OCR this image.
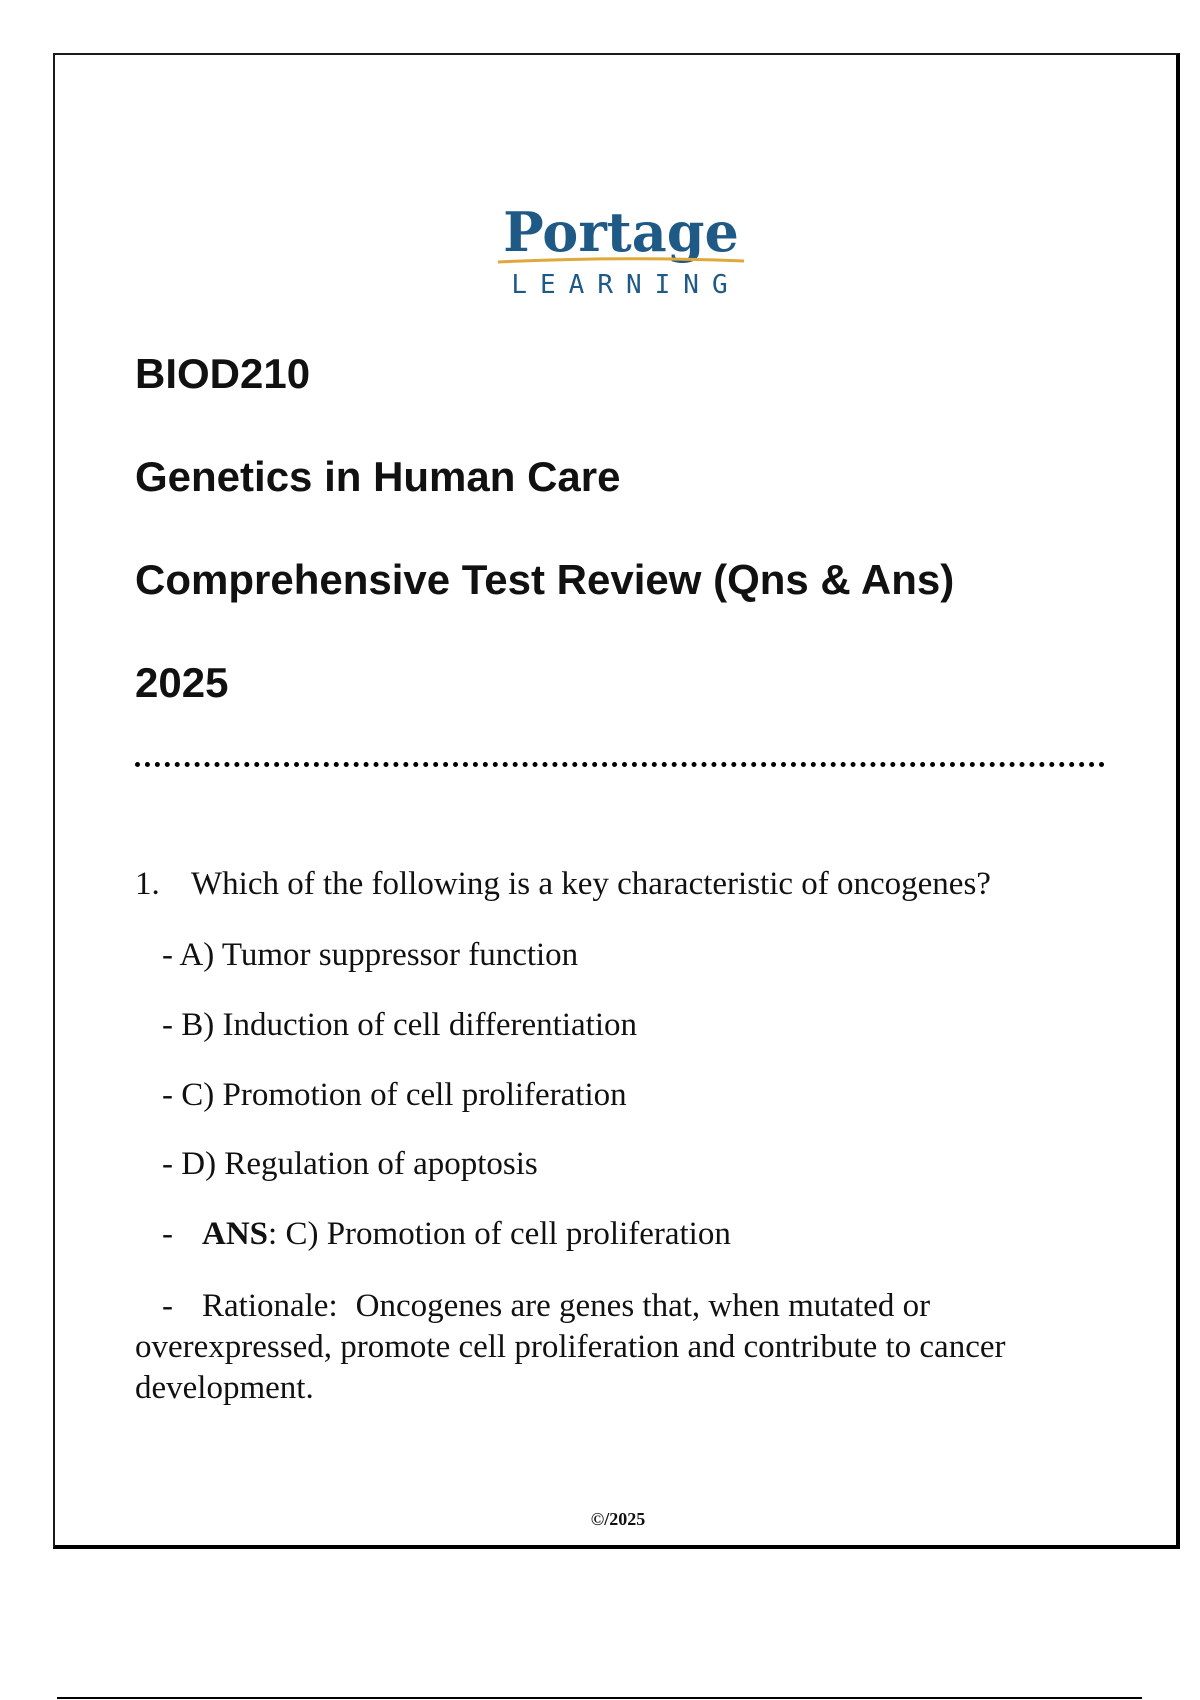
Portage
LEARNING
BIOD210
Genetics in Human Care
Comprehensive Test Review (Qns & Ans)
2025
1. Which of the following is a key characteristic of oncogenes?
- A) Tumor suppressor function
- B) Induction of cell differentiation
- C) Promotion of cell proliferation
- D) Regulation of apoptosis
- ANS: C) Promotion of cell proliferation
- Rationale: Oncogenes are genes that, when mutated or overexpressed, promote cell proliferation and contribute to cancer development.
©/2025
